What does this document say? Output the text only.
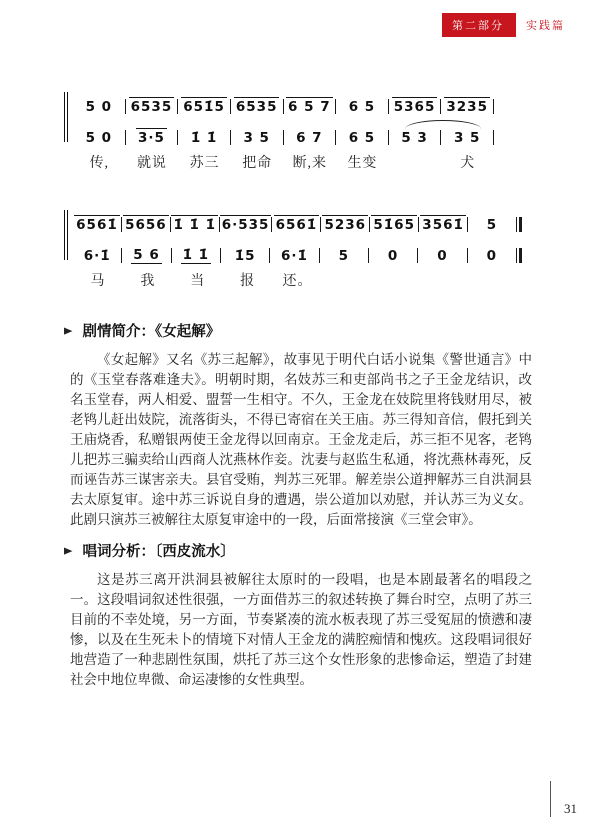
第二部分	实践篇
5 0	6535 651̇5 6535 6 5 7	6 5	5365 3235
5 0	3·5	1̇ 1̇	3 5	6 7	6 5	5 3	3 5
传,	就说	苏三	把命	断,来	生变	犬
6561̇ 5656 1̇ 1̇ 1̇ 6·535 6561̇ 5236 51̇65 3561̇	5
6·1̇	5 6	1̇ 1̇	1̇5	6·1̇	5	0	0	0
马	我	当	报	还。
▶ 剧情简介：《女起解》

《女起解》又名《苏三起解》，故事见于明代白话小说集《警世通言》中的《玉堂春落难逢夫》。明朝时期，名妓苏三和吏部尚书之子王金龙结识，改名玉堂春，两人相爱、盟誓一生相守。不久，王金龙在妓院里将钱财用尽，被老鸨儿赶出妓院，流落街头，不得已寄宿在关王庙。苏三得知音信，假托到关王庙烧香，私赠银两使王金龙得以回南京。王金龙走后，苏三拒不见客，老鸨儿把苏三骗卖给山西商人沈燕林作妾。沈妻与赵监生私通，将沈燕林毒死，反而诬告苏三谋害亲夫。县官受贿，判苏三死罪。解差崇公道押解苏三自洪洞县去太原复审。途中苏三诉说自身的遭遇，崇公道加以劝慰，并认苏三为义女。此剧只演苏三被解往太原复审途中的一段，后面常接演《三堂会审》。

▶ 唱词分析：〔西皮流水〕

这是苏三离开洪洞县被解往太原时的一段唱，也是本剧最著名的唱段之一。这段唱词叙述性很强，一方面借苏三的叙述转换了舞台时空，点明了苏三目前的不幸处境，另一方面，节奏紧凑的流水板表现了苏三受冤屈的愤懑和凄惨，以及在生死未卜的情境下对情人王金龙的满腔痴情和愧疚。这段唱词很好地营造了一种悲剧性氛围，烘托了苏三这个女性形象的悲惨命运，塑造了封建社会中地位卑微、命运凄惨的女性典型。

31
